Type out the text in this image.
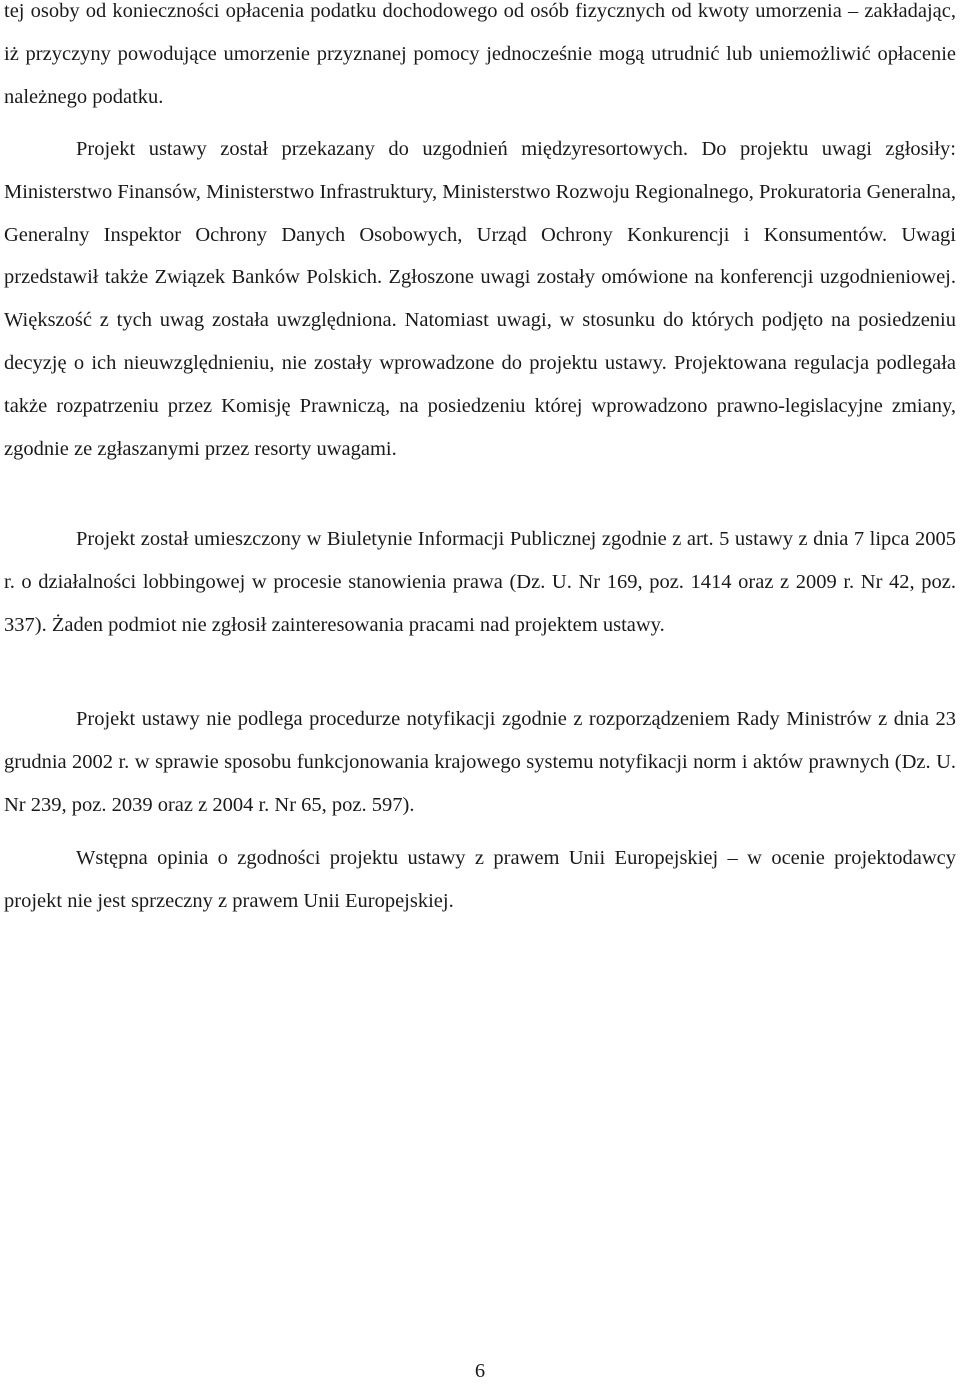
tej osoby od konieczności opłacenia podatku dochodowego od osób fizycznych od kwoty umorzenia – zakładając, iż przyczyny powodujące umorzenie przyznanej pomocy jednocześnie mogą utrudnić lub uniemożliwić opłacenie należnego podatku.

Projekt ustawy został przekazany do uzgodnień międzyresortowych. Do projektu uwagi zgłosiły: Ministerstwo Finansów, Ministerstwo Infrastruktury, Ministerstwo Rozwoju Regionalnego, Prokuratoria Generalna, Generalny Inspektor Ochrony Danych Osobowych, Urząd Ochrony Konkurencji i Konsumentów. Uwagi przedstawił także Związek Banków Polskich. Zgłoszone uwagi zostały omówione na konferencji uzgodnieniowej. Większość z tych uwag została uwzględniona. Natomiast uwagi, w stosunku do których podjęto na posiedzeniu decyzję o ich nieuwzględnieniu, nie zostały wprowadzone do projektu ustawy. Projektowana regulacja podlegała także rozpatrzeniu przez Komisję Prawniczą, na posiedzeniu której wprowadzono prawno-legislacyjne zmiany, zgodnie ze zgłaszanymi przez resorty uwagami.

Projekt został umieszczony w Biuletynie Informacji Publicznej zgodnie z art. 5 ustawy z dnia 7 lipca 2005 r. o działalności lobbingowej w procesie stanowienia prawa (Dz. U. Nr 169, poz. 1414 oraz z 2009 r. Nr 42, poz. 337). Żaden podmiot nie zgłosił zainteresowania pracami nad projektem ustawy.

Projekt ustawy nie podlega procedurze notyfikacji zgodnie z rozporządzeniem Rady Ministrów z dnia 23 grudnia 2002 r. w sprawie sposobu funkcjonowania krajowego systemu notyfikacji norm i aktów prawnych (Dz. U. Nr 239, poz. 2039 oraz z 2004 r. Nr 65, poz. 597).

Wstępna opinia o zgodności projektu ustawy z prawem Unii Europejskiej – w ocenie projektodawcy projekt nie jest sprzeczny z prawem Unii Europejskiej.

6
